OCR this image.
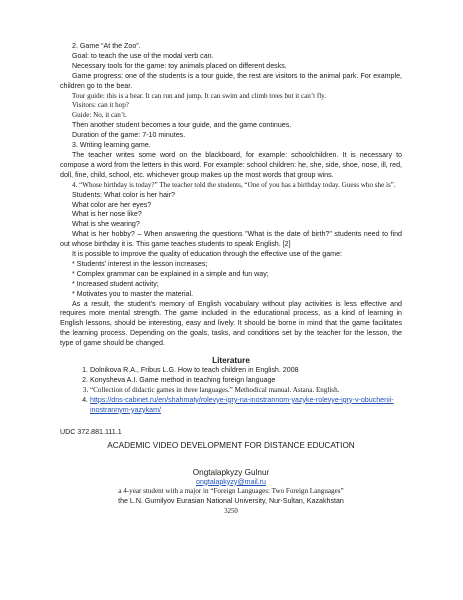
2. Game “At the Zoo”.

Goal: to teach the use of the modal verb can.

Necessary tools for the game: toy animals placed on different desks.

Game progress: one of the students is a tour guide, the rest are visitors to the animal park. For example, children go to the bear.

Tour guide: this is a bear. It can run and jump. It can swim and climb trees but it can’t fly.

Visitors: can it hop?

Guide: No, it can’t.

Then another student becomes a tour guide, and the game continues.

Duration of the game: 7-10 minutes.

3. Writing learning game.

The teacher writes some word on the blackboard, for example: schoolchildren. It is necessary to compose a word from the letters in this word. For example: school children: he, she, side, shoe, nose, ill, red, doll, fine, child, school, etc. whichever group makes up the most words that group wins.

4. “Whose birthday is today?” The teacher told the students, “One of you has a birthday today. Guess who she is”.

Students: What color is her hair?

What color are her eyes?

What is her nose like?

What is she wearing?

What is her hobby? – When answering the questions "What is the date of birth?" students need to find out whose birthday it is. This game teaches students to speak English. [2]

It is possible to improve the quality of education through the effective use of the game:

* Students’ interest in the lesson increases;

* Complex grammar can be explained in a simple and fun way;

* Increased student activity;

* Motivates you to master the material.

As a result, the student’s memory of English vocabulary without play activities is less effective and requires more mental strength. The game included in the educational process, as a kind of learning in English lessons, should be interesting, easy and lively. It should be borne in mind that the game facilitates the learning process. Depending on the goals, tasks, and conditions set by the teacher for the lesson, the type of game should be changed.

Literature
1. Dolnikova R.A., Fribus L.G. How to teach children in English. 2008
2. Konysheva A.I. Game method in teaching foreign language
3. “Collection of didactic games in three languages.” Methodical manual. Astana. English.
4. https://dns-cabinet.ru/en/shahmaty/rolevye-igry-na-inostrannom-yazyke-rolevye-igry-v-obuchenii-inostrannym-yazykam/
UDC 372.881.111.1
ACADEMIC VIDEO DEVELOPMENT FOR DISTANCE EDUCATION
Ongtalapkyzy Gulnur
ongtalapkyzy@mail.ru
a 4-year student with a major in “Foreign Languages: Two Foreign Languages”
the L.N. Gumilyov Eurasian National University, Nur-Sultan, Kazakhstan
3250
